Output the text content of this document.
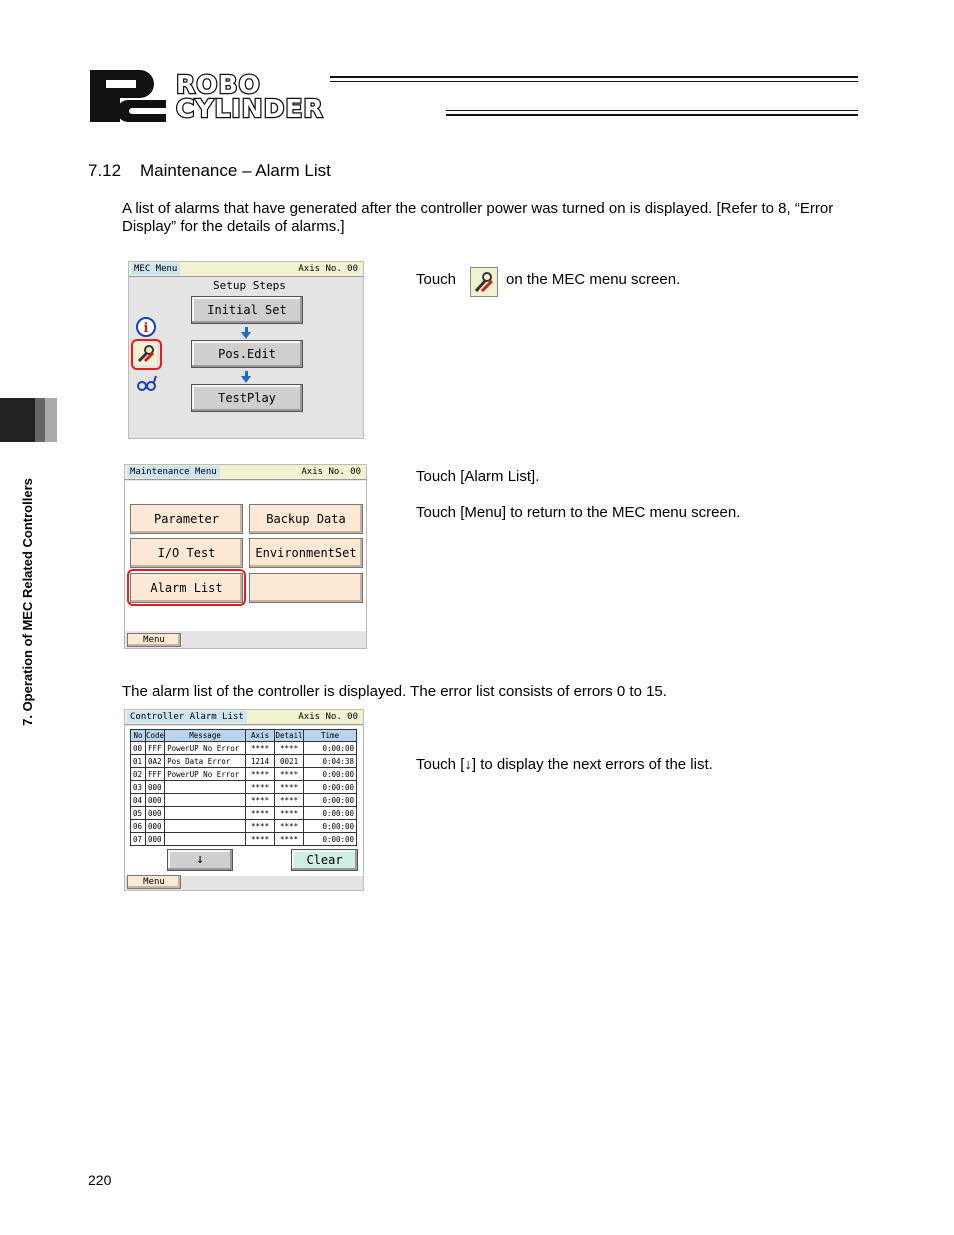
ROBO
CYLINDER
7. Operation of MEC Related Controllers
7.12 Maintenance – Alarm List
A list of alarms that have generated after the controller power was turned on is displayed. [Refer to 8, “Error Display” for the details of alarms.]
MEC Menu	Axis No. 00
Setup Steps
Initial Set
Pos.Edit
TestPlay
i
Touch	on the MEC menu screen.
Maintenance Menu	Axis No. 00
Parameter	Backup Data
I/O Test	EnvironmentSet
Alarm List
Menu
Touch [Alarm List].
Touch [Menu] to return to the MEC menu screen.
The alarm list of the controller is displayed. The error list consists of errors 0 to 15.
Controller Alarm List	Axis No. 00
No	Code	Message	Axis	Detail	Time
00	FFF	PowerUP No Error	****	****	0:00:00
01	0A2	Pos Data Error	1214	0021	0:04:38
02	FFF	PowerUP No Error	****	****	0:00:00
03	000		****	****	0:00:00
04	000		****	****	0:00:00
05	000		****	****	0:00:00
06	000		****	****	0:00:00
07	000		****	****	0:00:00
↓	Clear
Menu
Touch [↓] to display the next errors of the list.
220
